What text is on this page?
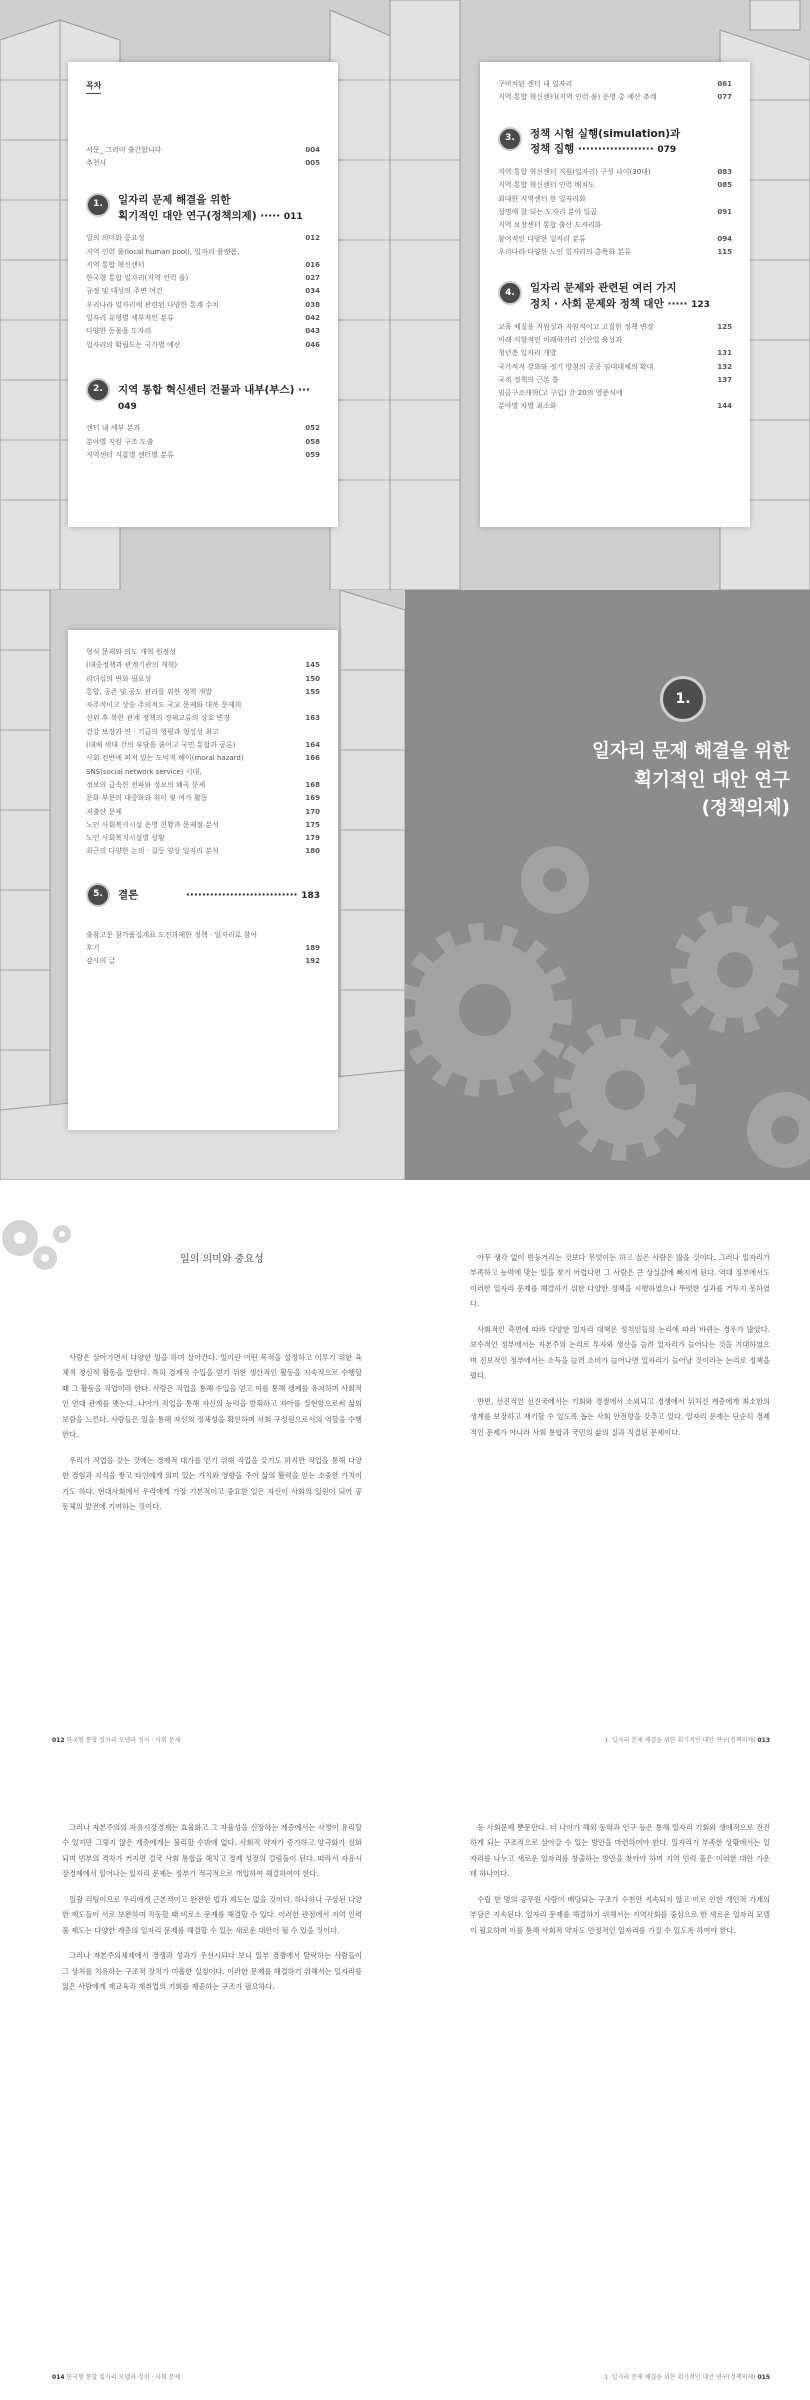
목차
서문_ 그러미 출간합니다	004
추천사	005
1.	일자리 문제 해결을 위한
획기적인 대안 연구(정책의제) ····· 011
일의 의미와 중요성	012
지역 인력 풀(local human pool), 일자리 플랫폼,
지역 통합 혁신센터	016
한국형 통합 일자리(지역 인력 풀)	027
규정 및 대상의 주변 여건	034
우리나라 일자리에 관련된 다양한 통계 수치	038
일자리 유형별 세부적인 분류	042
다양한 동물을 도자리	043
일자리의 확립도는 국가별 예산	046
2.	지역 통합 혁신센터 건물과 내부(부스) ··· 049
센터 내 세부 분과	052
분야별 지원 구조 도출	058
지역센터 지름별 센터별 분류	059
구비처된 센터 내 일자리	061
지역 통합 혁신센터(지역 인력 풀) 운영 총 예산 추계	077
3.	정책 시험 실행(simulation)과
정책 집행 ··················· 079
지역 통합 혁신센터 직원(일자리) 구성 나이(30대)	083
지역 통합 혁신센터 인력 배치도	085
최대한 지역센터 한 일자리화
설명에 잘 되는 도자리 분야 일곱	091
지역 보장센터 통합 출산 도자리화
참여적인 다양한 일자리 분류	094
우리나라 다양한 노인 일자리의 총목화 분류	115
4.	일자리 문제와 관련된 여러 가지
정치 · 사회 문제와 정책 대안 ····· 123
교육 체질을 지원성과 자원적이고 고질한 정책 변경	125
미래 지향적인 미래하거리 신산업 육성과
청년층 일자리 개발	131
국가적지 강화와 정기 방침의 공공 임대대체의 확대	132
국적 정책의 근본 틀	137
임금구조개혁(고 구입) 간 20의 영준식에
분야별 차별 최소화	144
형식 문제와 의도 개혁 원정성
(대중정책과 관계기관의 개혁)	145
리더십의 변화 필요성	150
통합, 공존 및 공도 관리를 위한 정책 개발	155
자주적이고 상승 주의적도 국교 문제와 대북 문제의
선위 후 북한 관계 정책의 경제교류의 상호 변경	163
건강 보장과 연 · 기금의 형평과 형성성 최고
(대체 세대 간의 부담을 줄이고 국민 통합과 공론)	164
사회 전반에 퍼져 있는 도덕적 해이(moral hazard)	166
SNS(social network service) 시대,
정보의 급속한 전파와 정보의 왜곡 문제	168
문화 부문의 대중화와 취미 및 여가 활동	169
저출산 문제	170
노인 사회복지시설 운영 현황과 문제점 분석	175
노인 사회복지시설별 상황	179
최근의 다양한 논의 · 갈등 양상 일자리 분석	180
5.	결론	···························· 183
출참고문 참가품집계표 도전과제한 정책 · 일자리로 참여
후기	189
감사의 글	192
1.
일자리 문제 해결을 위한
획기적인 대안 연구
(정책의제)
일의 의미와 중요성

사람은 살아가면서 다양한 일을 하며 살아간다. 일이란 어떤 목적을 설정하고 이루기 위한 육체적 정신적 활동을 말한다. 특히 경제적 수입을 얻기 위한 생산적인 활동을 지속적으로 수행할 때 그 활동을 직업이라 한다. 사람은 직업을 통해 수입을 얻고 이를 통해 생계를 유지하며 사회적인 연대 관계를 맺는다. 나아가 직업을 통해 자신의 능력을 발휘하고 자아를 실현함으로써 삶의 보람을 느낀다. 사람들은 일을 통해 자신의 정체성을 확인하며 사회 구성원으로서의 역할을 수행한다.

우리가 직업을 갖는 것에는 경제적 대가를 얻기 위해 직업을 갖기도 하지만 직업을 통해 다양한 경험과 지식을 쌓고 타인에게 의미 있는 가치와 영향을 주어 삶의 활력을 얻는 소중한 가치이기도 하다. 현대사회에서 우리에게 가장 기본적이고 중요한 일은 자신이 사회의 일원이 되어 공동체의 발전에 기여하는 것이다.

아무 생각 없이 빈둥거리는 것보다 무엇이든 하고 싶은 사람은 많을 것이다. 그러나 일자리가 부족하고 능력에 맞는 일을 찾기 어렵다면 그 사람은 큰 상실감에 빠지게 된다. 역대 정부에서도 이러한 일자리 문제를 해결하기 위한 다양한 정책을 시행하였으나 뚜렷한 성과를 거두지 못하였다.

사회적인 측면에 따라 다양한 일자리 대책은 정치인들의 논리에 따라 바뀌는 경우가 많았다. 보수적인 정부에서는 자본주의 논리로 투자와 생산을 늘려 일자리가 늘어나는 것을 기대하였으며 진보적인 정부에서는 소득을 늘려 소비가 늘어나면 일자리가 늘어날 것이라는 논리로 정책을 폈다.

반면, 선진적인 선진국에서는 기회와 경쟁에서 소외되고 경쟁에서 뒤처진 계층에게 최소한의 생계를 보장하고 재기할 수 있도록 돕는 사회 안전망을 갖추고 있다. 일자리 문제는 단순히 경제적인 문제가 아니라 사회 통합과 국민의 삶의 질과 직결된 문제이다.

012 한국형 통합 일자리 모델과 정치 · 사회 문제	1. 일자리 문제 해결을 위한 획기적인 대안 연구(정책의제) 013

그러나 자본주의의 자유시장경제는 효율화고 그 자율성을 신장하는 계층에서는 사정이 유리할 수 있지만 그렇지 않은 계층에게는 불리할 수밖에 없다. 사회적 약자가 증가하고 양극화가 심화되며 빈부의 격차가 커지면 결국 사회 통합을 해치고 경제 성장의 걸림돌이 된다. 따라서 자유시장경제에서 일어나는 일자리 문제는 정부가 적극적으로 개입하여 해결하여야 한다.

일괄 리팅이므로 우리에게 근본적이고 완전한 법과 제도는 없을 것이다. 하나하나 구상된 다양한 제도들이 서로 보완하며 작동할 때 비로소 문제를 해결할 수 있다. 이러한 관점에서 지역 인력 풀 제도는 다양한 계층의 일자리 문제를 해결할 수 있는 새로운 대안이 될 수 있을 것이다.

그러나 자본주의체제에서 경쟁과 성과가 우선시되다 보니 일부 경쟁에서 탈락하는 사람들이 그 상처를 치유하는 구조적 장치가 미흡한 실정이다. 이러한 문제를 해결하기 위해서는 일자리를 잃은 사람에게 재교육과 재취업의 기회를 제공하는 구조가 필요하다.

등 사회문제 뿐문만다. 더 나아가 해외 동학과 인구 등은 통해 일자리 기회와 생애적으로 진진하게 되는 구조적으로 살아갈 수 있는 방안을 마련하여야 한다. 일자리가 부족한 상황에서는 일자리를 나누고 새로운 일자리를 창출하는 방안을 찾아야 하며 지역 인력 풀은 이러한 대안 가운데 하나이다.

수립 한 명의 공무원 사람이 배당되는 구조가 수천만 지속되지 않고 이로 인한 개인적 가계의 부담은 지속된다. 일자리 문제를 해결하기 위해서는 지역사회를 중심으로 한 새로운 일자리 모델이 필요하며 이를 통해 사회적 약자도 안정적인 일자리를 가질 수 있도록 하여야 한다.

014 한국형 통합 일자리 모델과 정치 · 사회 문제	1. 일자리 문제 해결을 위한 획기적인 대안 연구(정책의제) 015
